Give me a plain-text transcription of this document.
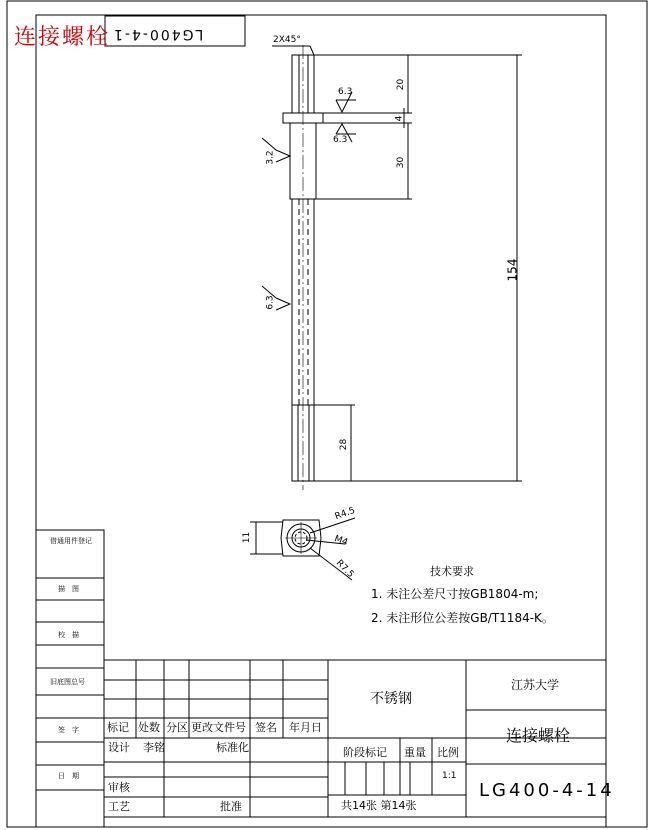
连接螺栓 LG400-4-1	2X45°
20
4
30
154
28
11
6.3
6.3
3.2
6.3
R4.5
M4
R7.5	技术要求
1. 未注公差尺寸按GB1804-m;
2. 未注形位公差按GB/T1184-K。
借通用件登记
描　图
校　描
旧底图总号
签　字
日　期
标记 处数 分区 更改文件号 签名 年月日
设计 李铭	标准化
审核
工艺	批准
不锈钢
阶段标记 重量 比例
1:1
共14张 第14张
江苏大学
连接螺栓
LG400-4-14
